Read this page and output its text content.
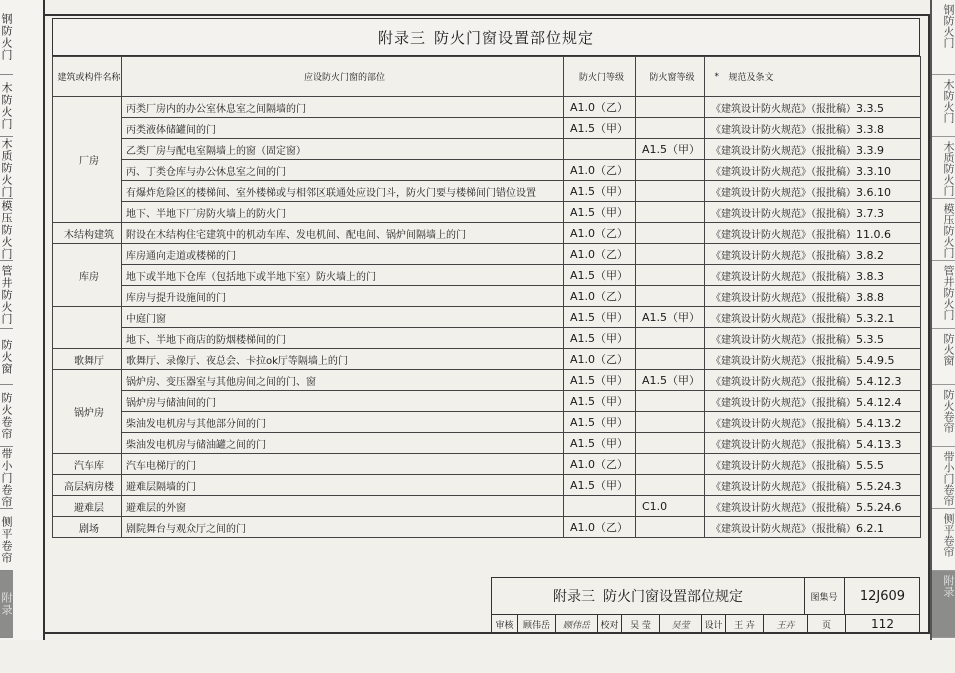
钢防火门
木防火门
木质防火门
模压防火门
管井防火门
防火窗
防火卷帘
带小门卷帘
侧平卷帘
附录
钢防火门
木防火门
木质防火门
模压防火门
管井防火门
防火窗
防火卷帘
带小门卷帘
侧平卷帘
附录
附录三 防火门窗设置部位规定
建筑或构件名称	应设防火门窗的部位	防火门等级	防火窗等级	*	规范及条文
厂房	丙类厂房内的办公室休息室之间隔墙的门	A1.0（乙）		《建筑设计防火规范》（报批稿）3.3.5	
	丙类液体储罐间的门	A1.5（甲）		《建筑设计防火规范》（报批稿）3.3.8	
	乙类厂房与配电室隔墙上的窗（固定窗）		A1.5（甲）	《建筑设计防火规范》（报批稿）3.3.9	
	丙、丁类仓库与办公休息室之间的门	A1.0（乙）		《建筑设计防火规范》（报批稿）3.3.10	
	有爆炸危险区的楼梯间、室外楼梯或与相邻区联通处应设门斗，防火门要与楼梯间门错位设置	A1.5（甲）		《建筑设计防火规范》（报批稿）3.6.10	
	地下、半地下厂房防火墙上的防火门	A1.5（甲）		《建筑设计防火规范》（报批稿）3.7.3	
木结构建筑	附设在木结构住宅建筑中的机动车库、发电机间、配电间、锅炉间隔墙上的门	A1.0（乙）		《建筑设计防火规范》（报批稿）11.0.6	
库房	库房通向走道或楼梯的门	A1.0（乙）		《建筑设计防火规范》（报批稿）3.8.2	
	地下或半地下仓库（包括地下或半地下室）防火墙上的门	A1.5（甲）		《建筑设计防火规范》（报批稿）3.8.3	
	库房与提升设施间的门	A1.0（乙）		《建筑设计防火规范》（报批稿）3.8.8	
	中庭门窗	A1.5（甲）	A1.5（甲）	《建筑设计防火规范》（报批稿）5.3.2.1	
	地下、半地下商店的防烟楼梯间的门	A1.5（甲）		《建筑设计防火规范》（报批稿）5.3.5	
歌舞厅	歌舞厅、录像厅、夜总会、卡拉ok厅等隔墙上的门	A1.0（乙）		《建筑设计防火规范》（报批稿）5.4.9.5	
锅炉房	锅炉房、变压器室与其他房间之间的门、窗	A1.5（甲）	A1.5（甲）	《建筑设计防火规范》（报批稿）5.4.12.3	
	锅炉房与储油间的门	A1.5（甲）		《建筑设计防火规范》（报批稿）5.4.12.4	
	柴油发电机房与其他部分间的门	A1.5（甲）		《建筑设计防火规范》（报批稿）5.4.13.2	
	柴油发电机房与储油罐之间的门	A1.5（甲）		《建筑设计防火规范》（报批稿）5.4.13.3	
汽车库	汽车电梯厅的门	A1.0（乙）		《建筑设计防火规范》（报批稿）5.5.5	
高层病房楼	避难层隔墙的门	A1.5（甲）		《建筑设计防火规范》（报批稿）5.5.24.3	
避难层	避难层的外窗		C1.0	《建筑设计防火规范》（报批稿）5.5.24.6	
剧场	剧院舞台与观众厅之间的门	A1.0（乙）		《建筑设计防火规范》（报批稿）6.2.1	
附录三 防火门窗设置部位规定	图集号	12J609
审核	顾伟岳	顾伟岳	校对	吴 莹	吴莹	设计	王 卉	王卉	页	112
